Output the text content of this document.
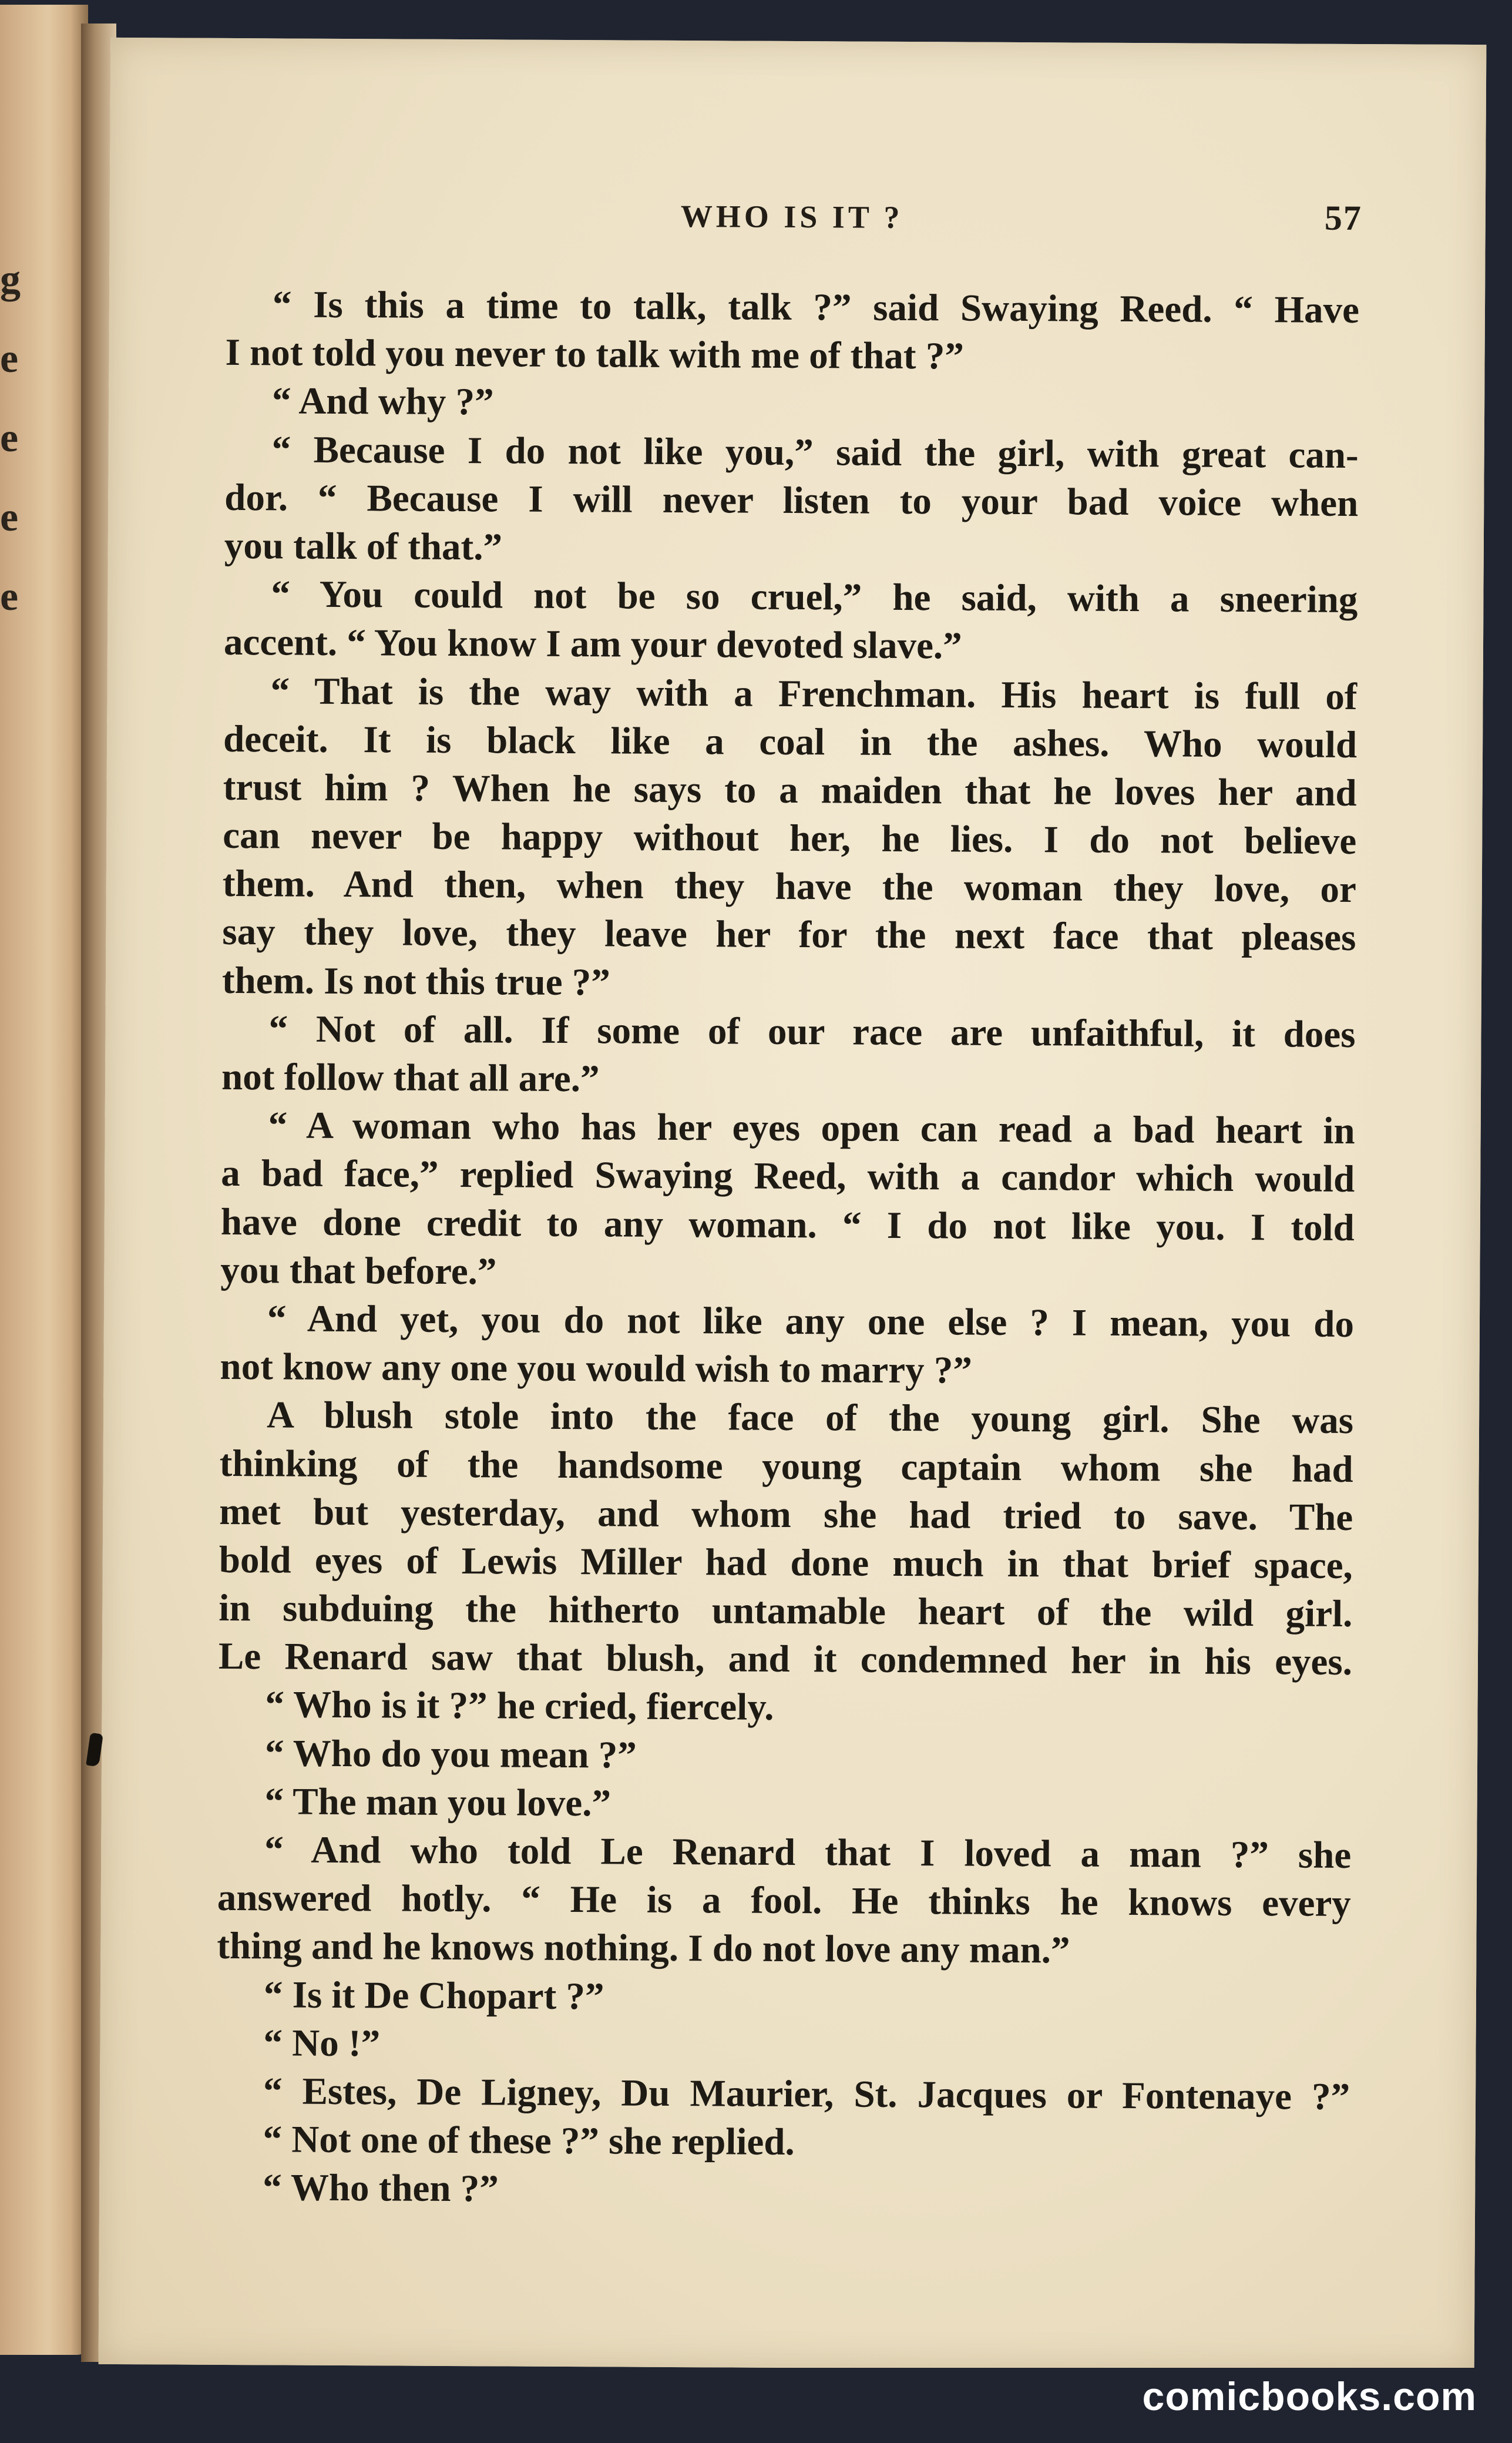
g
e
e
e
e
WHO IS IT ?	57
“ Is this a time to talk, talk ?” said Swaying Reed. “ Have
I not told you never to talk with me of that ?”
“ And why ?”
“ Because I do not like you,” said the girl, with great can-
dor. “ Because I will never listen to your bad voice when
you talk of that.”
“ You could not be so cruel,” he said, with a sneering
accent. “ You know I am your devoted slave.”
“ That is the way with a Frenchman. His heart is full of
deceit. It is black like a coal in the ashes. Who would
trust him ? When he says to a maiden that he loves her and
can never be happy without her, he lies. I do not believe
them. And then, when they have the woman they love, or
say they love, they leave her for the next face that pleases
them. Is not this true ?”
“ Not of all. If some of our race are unfaithful, it does
not follow that all are.”
“ A woman who has her eyes open can read a bad heart in
a bad face,” replied Swaying Reed, with a candor which would
have done credit to any woman. “ I do not like you. I told
you that before.”
“ And yet, you do not like any one else ? I mean, you do
not know any one you would wish to marry ?”
A blush stole into the face of the young girl. She was
thinking of the handsome young captain whom she had
met but yesterday, and whom she had tried to save. The
bold eyes of Lewis Miller had done much in that brief space,
in subduing the hitherto untamable heart of the wild girl.
Le Renard saw that blush, and it condemned her in his eyes.
“ Who is it ?” he cried, fiercely.
“ Who do you mean ?”
“ The man you love.”
“ And who told Le Renard that I loved a man ?” she
answered hotly. “ He is a fool. He thinks he knows every
thing and he knows nothing. I do not love any man.”
“ Is it De Chopart ?”
“ No !”
“ Estes, De Ligney, Du Maurier, St. Jacques or Fontenaye ?”
“ Not one of these ?” she replied.
“ Who then ?”
comicbooks.com
